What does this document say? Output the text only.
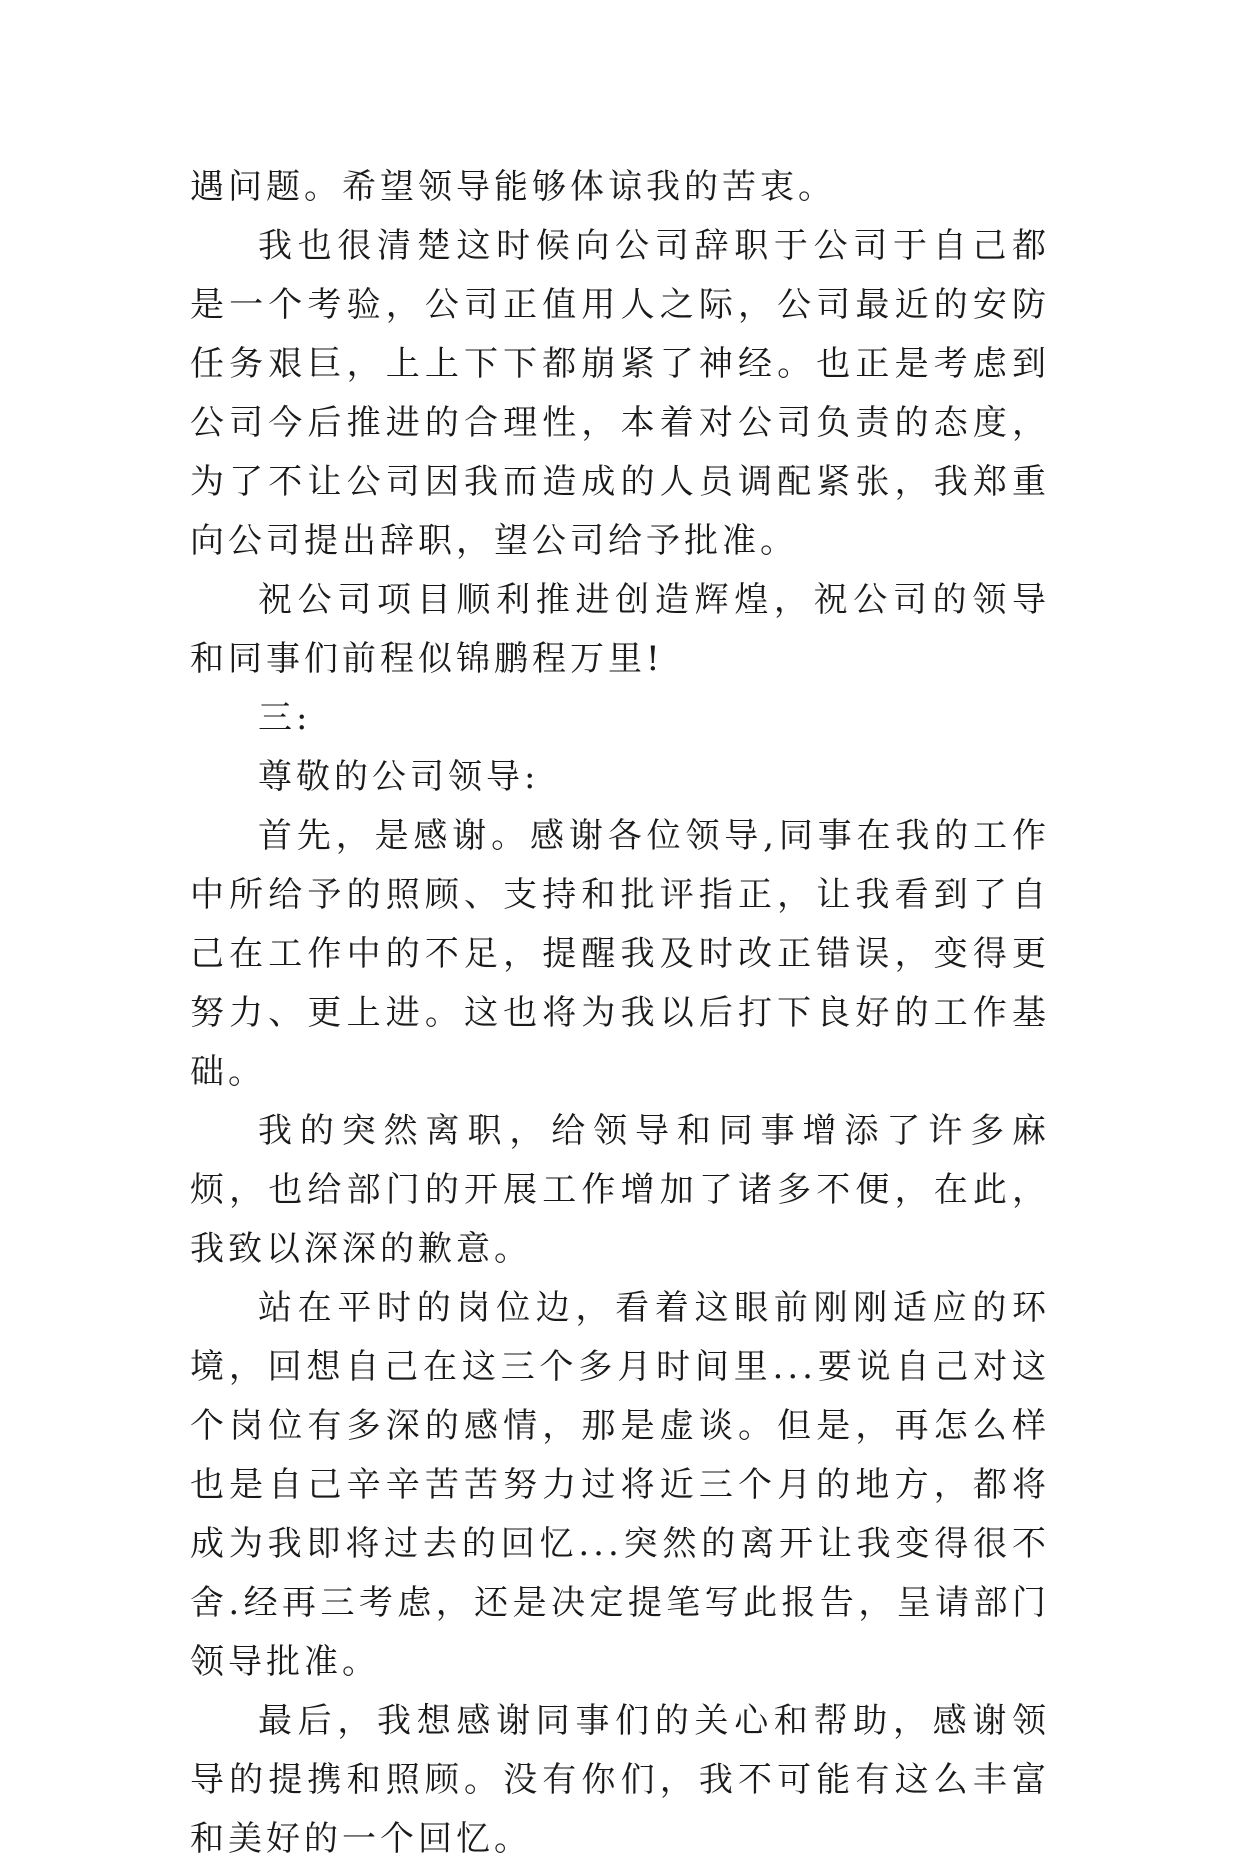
遇问题。希望领导能够体谅我的苦衷。

我也很清楚这时候向公司辞职于公司于自己都是一个考验，公司正值用人之际，公司最近的安防任务艰巨，上上下下都崩紧了神经。也正是考虑到公司今后推进的合理性，本着对公司负责的态度，为了不让公司因我而造成的人员调配紧张，我郑重向公司提出辞职，望公司给予批准。

祝公司项目顺利推进创造辉煌，祝公司的领导和同事们前程似锦鹏程万里!

三:

尊敬的公司领导:

首先，是感谢。感谢各位领导,同事在我的工作中所给予的照顾、支持和批评指正，让我看到了自己在工作中的不足，提醒我及时改正错误，变得更努力、更上进。这也将为我以后打下良好的工作基础。

我的突然离职，给领导和同事增添了许多麻烦，也给部门的开展工作增加了诸多不便，在此，我致以深深的歉意。

站在平时的岗位边，看着这眼前刚刚适应的环境，回想自己在这三个多月时间里...要说自己对这个岗位有多深的感情，那是虚谈。但是，再怎么样也是自己辛辛苦苦努力过将近三个月的地方，都将成为我即将过去的回忆...突然的离开让我变得很不舍.经再三考虑，还是决定提笔写此报告，呈请部门领导批准。

最后，我想感谢同事们的关心和帮助，感谢领导的提携和照顾。没有你们，我不可能有这么丰富和美好的一个回忆。
